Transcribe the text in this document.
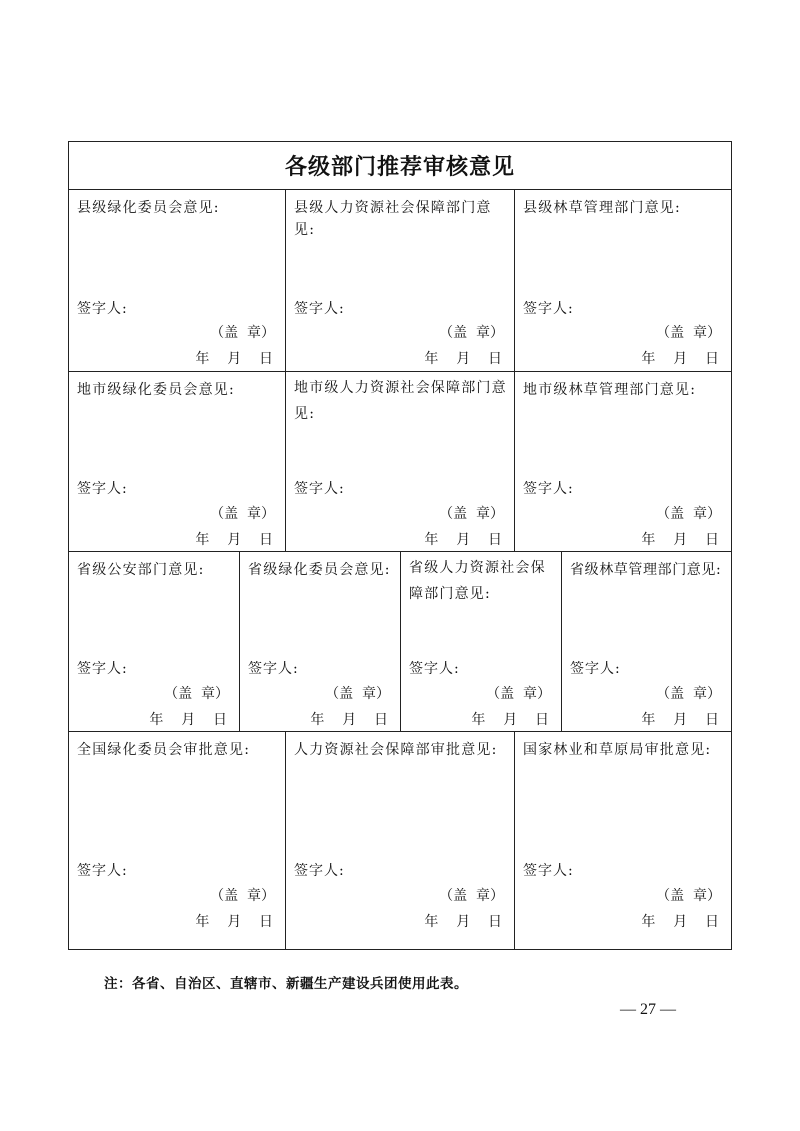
各级部门推荐审核意见
县级绿化委员会意见:
签字人:
（盖  章）
年    月    日
县级人力资源社会保障部门意见:
签字人:
（盖  章）
年    月    日
县级林草管理部门意见:
签字人:
（盖  章）
年    月    日
地市级绿化委员会意见:
签字人:
（盖  章）
年    月    日
地市级人力资源社会保障部门意见:
签字人:
（盖  章）
年    月    日
地市级林草管理部门意见:
签字人:
（盖  章）
年    月    日
省级公安部门意见:
签字人:
（盖  章）
年    月    日
省级绿化委员会意见:
签字人:
（盖  章）
年    月    日
省级人力资源社会保障部门意见:
签字人:
（盖  章）
年    月    日
省级林草管理部门意见:
签字人:
（盖  章）
年    月    日
全国绿化委员会审批意见:
签字人:
（盖  章）
年    月    日
人力资源社会保障部审批意见:
签字人:
（盖  章）
年    月    日
国家林业和草原局审批意见:
签字人:
（盖  章）
年    月    日
注：各省、自治区、直辖市、新疆生产建设兵团使用此表。
— 27 —
